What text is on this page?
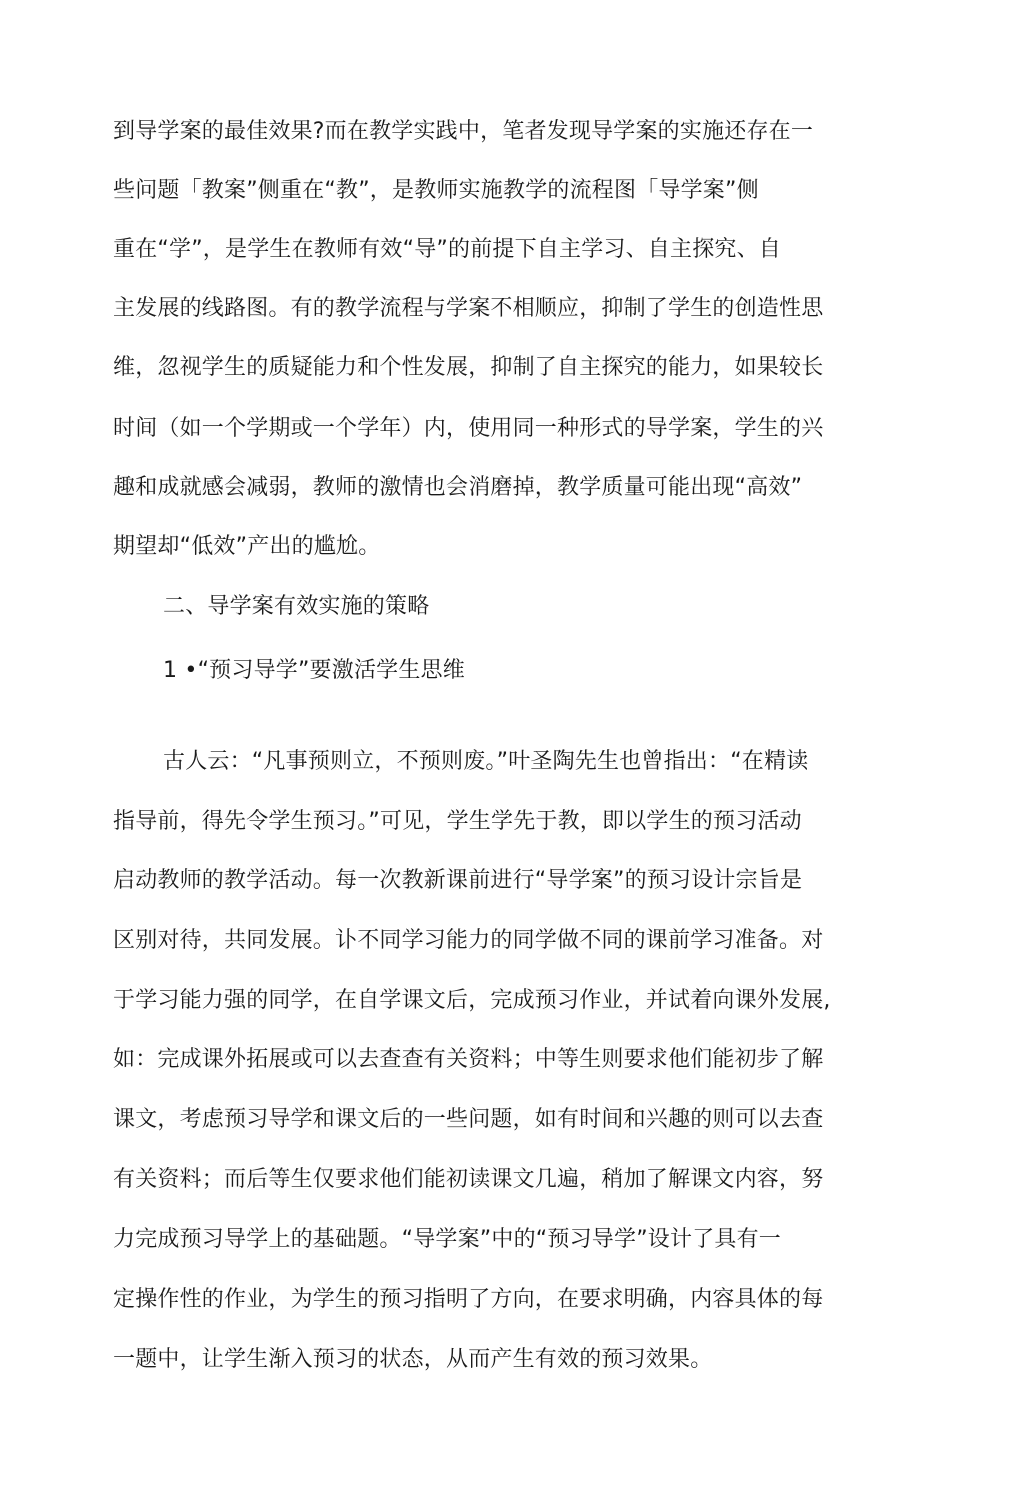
到导学案的最佳效果?而在教学实践中，笔者发现导学案的实施还存在一
些问题「教案”侧重在“教”，是教师实施教学的流程图「导学案”侧
重在“学”，是学生在教师有效“导”的前提下自主学习、自主探究、自
主发展的线路图。有的教学流程与学案不相顺应，抑制了学生的创造性思
维，忽视学生的质疑能力和个性发展，抑制了自主探究的能力，如果较长
时间（如一个学期或一个学年）内，使用同一种形式的导学案，学生的兴
趣和成就感会减弱，教师的激情也会消磨掉，教学质量可能出现“高效”
期望却“低效”产出的尴尬。
二、导学案有效实施的策略
1 •“预习导学”要激活学生思维
古人云：“凡事预则立，不预则废。”叶圣陶先生也曾指出：“在精读
指导前，得先令学生预习。”可见，学生学先于教，即以学生的预习活动
启动教师的教学活动。每一次教新课前进行“导学案”的预习设计宗旨是
区别对待，共同发展。讣不同学习能力的同学做不同的课前学习准备。对
于学习能力强的同学，在自学课文后，完成预习作业，并试着向课外发展,
如：完成课外拓展或可以去查查有关资料；中等生则要求他们能初步了解
课文，考虑预习导学和课文后的一些问题，如有时间和兴趣的则可以去查
有关资料；而后等生仅要求他们能初读课文几遍，稍加了解课文内容，努
力完成预习导学上的基础题。“导学案”中的“预习导学”设计了具有一
定操作性的作业，为学生的预习指明了方向，在要求明确，内容具体的每
一题中，让学生渐入预习的状态，从而产生有效的预习效果。
